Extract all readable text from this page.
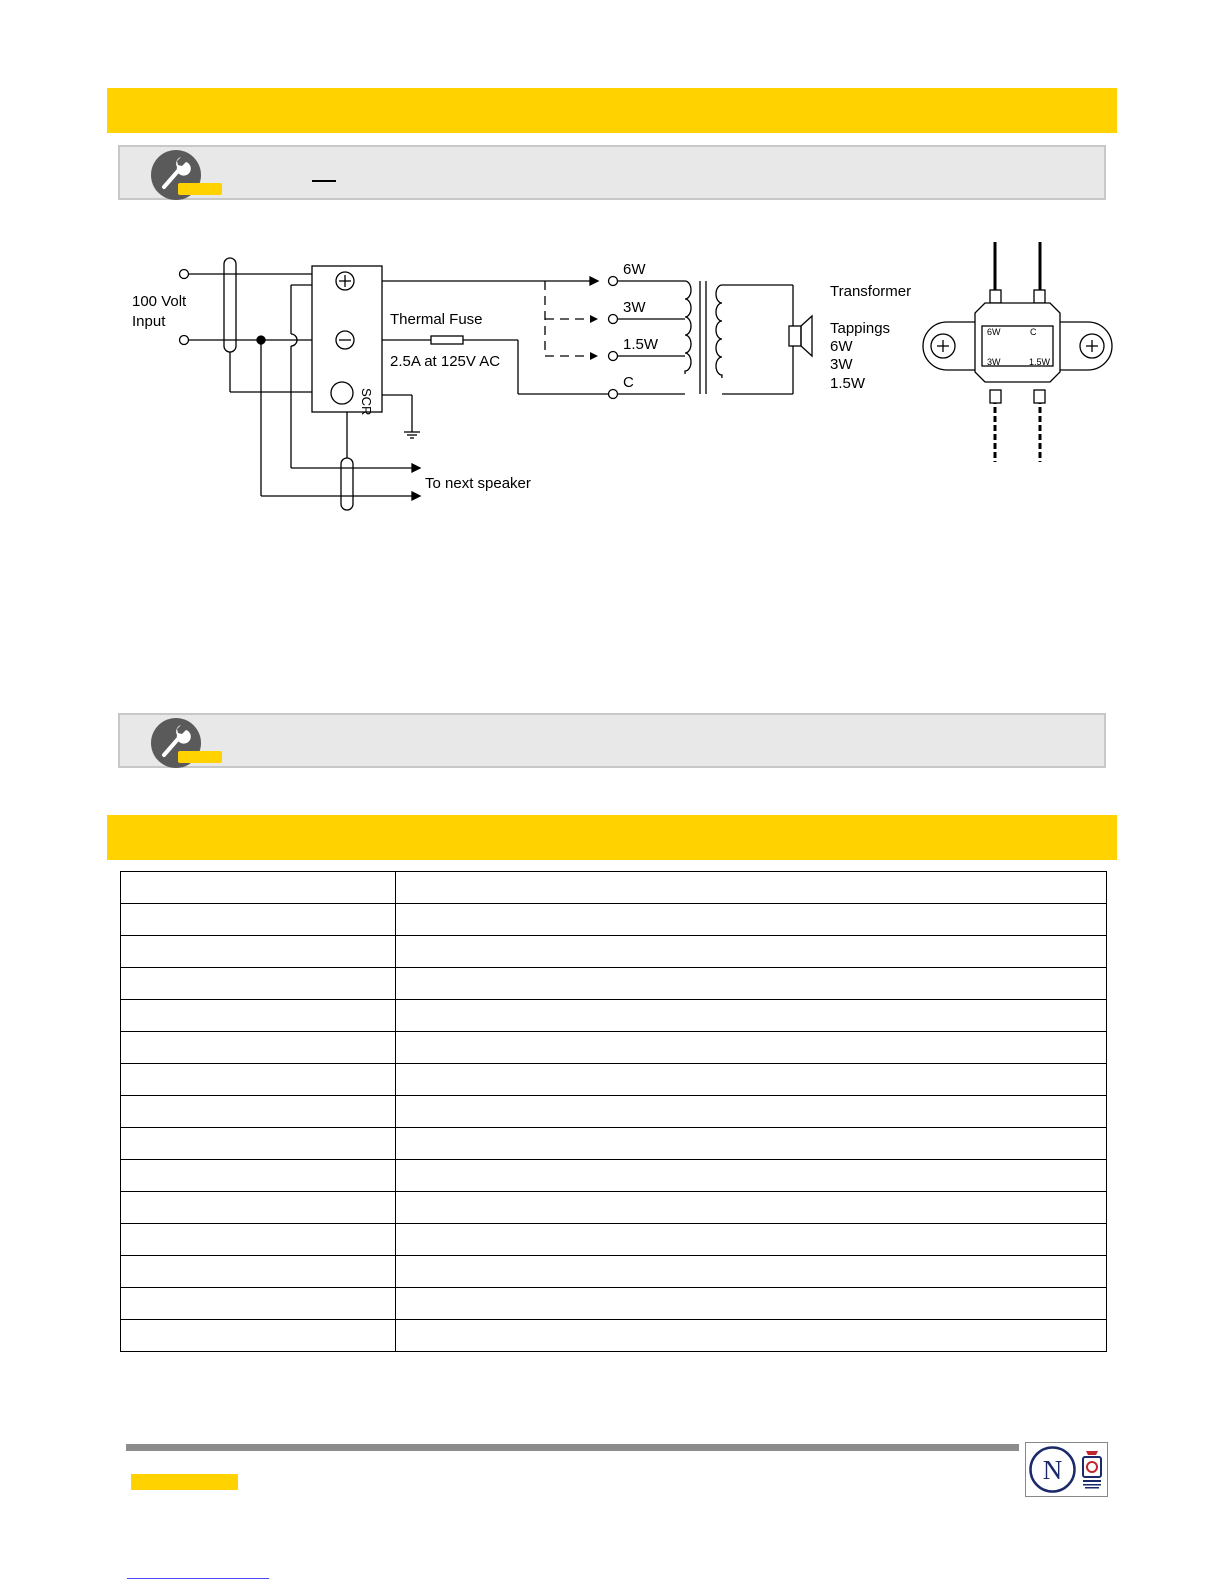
100 Volt
Input
SCR
Thermal Fuse
2.5A at 125V AC
6W
3W
1.5W
C
Transformer
Tappings
6W
3W
1.5W
To next speaker
6W	C
3W	1.5W

N
